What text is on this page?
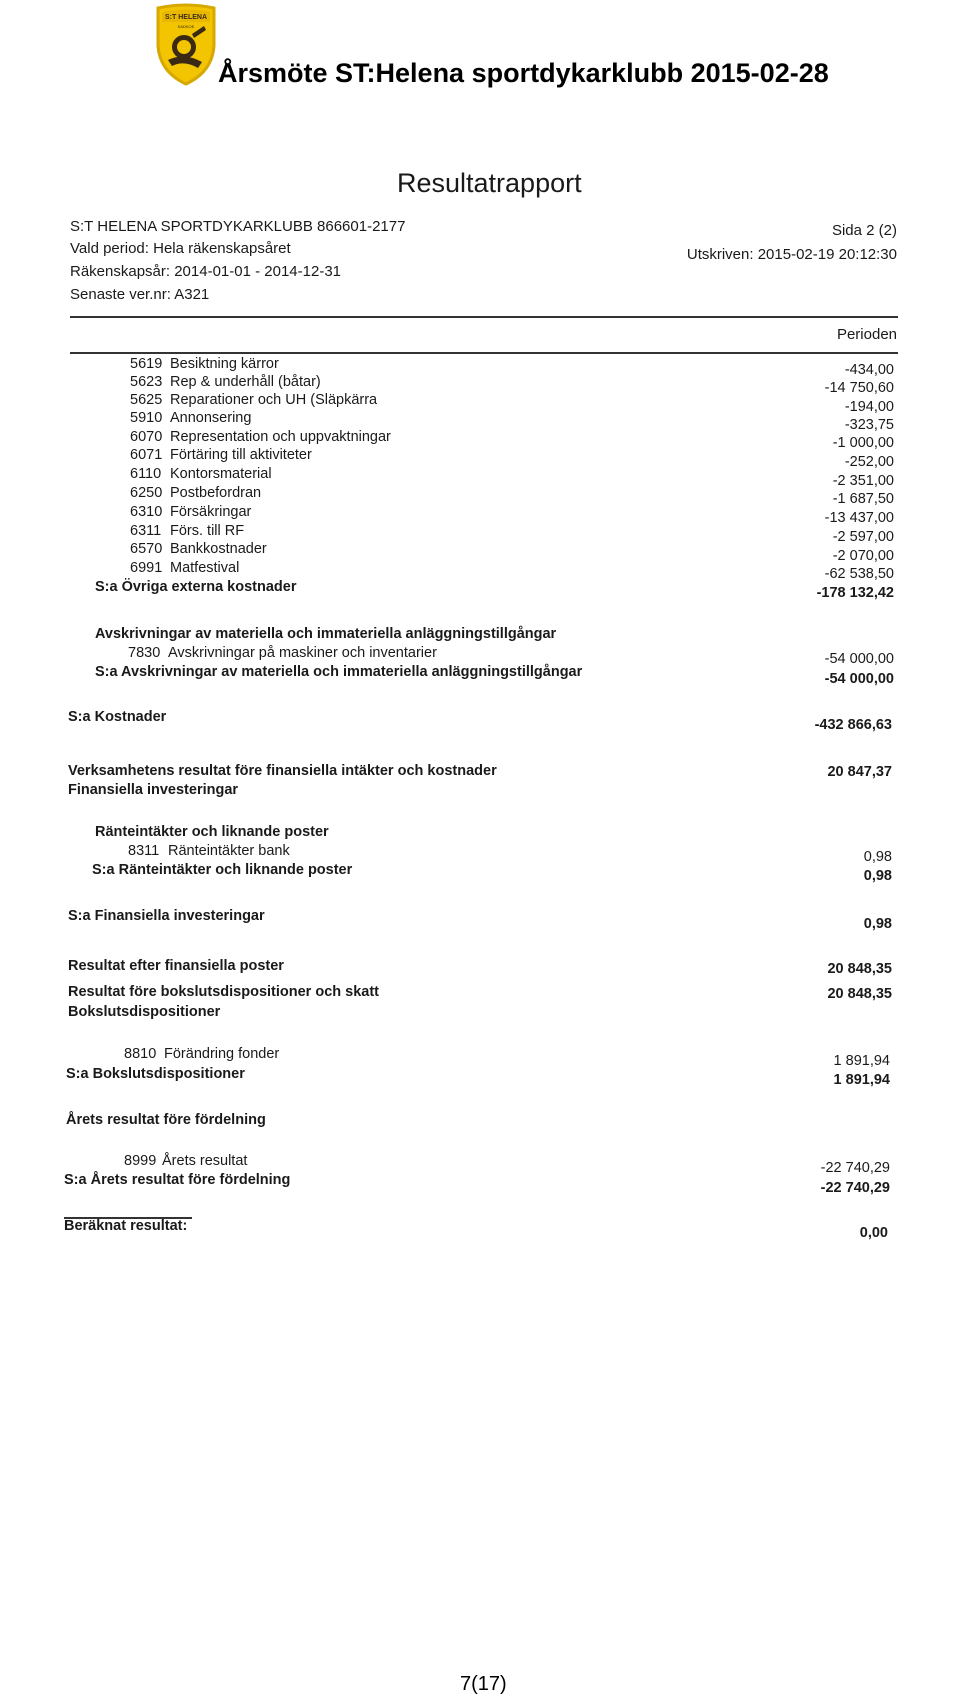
S:T HELENA
SADKOE
Årsmöte ST:Helena sportdykarklubb 2015-02-28
Resultatrapport
S:T HELENA SPORTDYKARKLUBB 866601-2177
Vald period: Hela räkenskapsåret
Räkenskapsår: 2014-01-01 - 2014-12-31
Senaste ver.nr: A321
Sida 2 (2)
Utskriven: 2015-02-19 20:12:30
Perioden
5619 Besiktning kärror	-434,00
5623 Rep & underhåll (båtar)	-14 750,60
5625 Reparationer och UH (Släpkärra	-194,00
5910 Annonsering	-323,75
6070 Representation och uppvaktningar	-1 000,00
6071 Förtäring till aktiviteter	-252,00
6110 Kontorsmaterial	-2 351,00
6250 Postbefordran	-1 687,50
6310 Försäkringar	-13 437,00
6311 Förs. till RF	-2 597,00
6570 Bankkostnader	-2 070,00
6991 Matfestival	-62 538,50
S:a Övriga externa kostnader	-178 132,42
Avskrivningar av materiella och immateriella anläggningstillgångar
7830 Avskrivningar på maskiner och inventarier	-54 000,00
S:a Avskrivningar av materiella och immateriella anläggningstillgångar	-54 000,00
S:a Kostnader	-432 866,63
Verksamhetens resultat före finansiella intäkter och kostnader	20 847,37
Finansiella investeringar
Ränteintäkter och liknande poster
8311 Ränteintäkter bank	0,98
S:a Ränteintäkter och liknande poster	0,98
S:a Finansiella investeringar	0,98
Resultat efter finansiella poster	20 848,35
Resultat före bokslutsdispositioner och skatt	20 848,35
Bokslutsdispositioner
8810 Förändring fonder	1 891,94
S:a Bokslutsdispositioner	1 891,94
Årets resultat före fördelning
8999 Årets resultat	-22 740,29
S:a Årets resultat före fördelning	-22 740,29
Beräknat resultat:	0,00
7(17)
